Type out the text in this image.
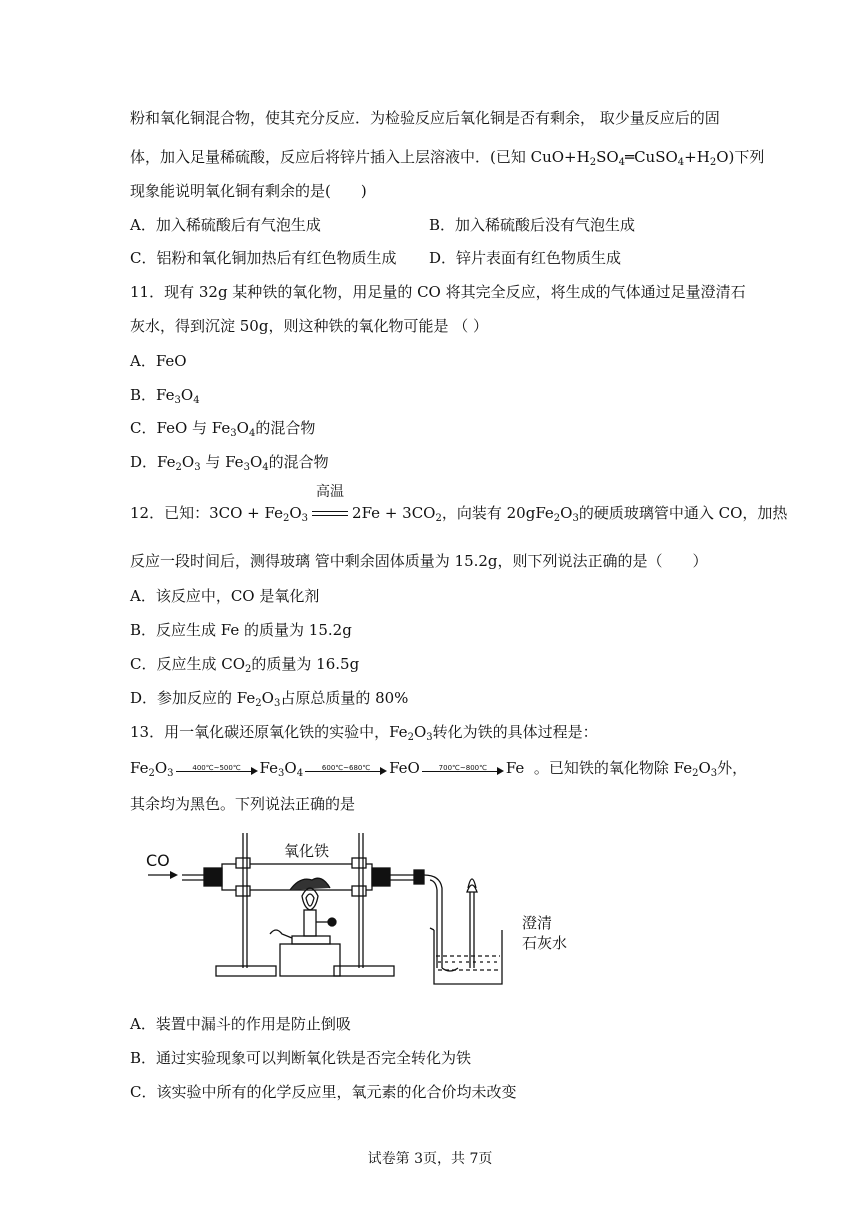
粉和氧化铜混合物，使其充分反应．为检验反应后氧化铜是否有剩余， 取少量反应后的固
体，加入足量稀硫酸，反应后将锌片插入上层溶液中．(已知 $CuO+H_2SO_4═CuSO_4+H_2O$)下列
现象能说明氧化铜有剩余的是(　　)
A．加入稀硫酸后有气泡生成	B．加入稀硫酸后没有气泡生成
C．铝粉和氧化铜加热后有红色物质生成 D．锌片表面有红色物质生成
11．现有 32g 某种铁的氧化物，用足量的 CO 将其完全反应，将生成的气体通过足量澄清石
灰水，得到沉淀 50g，则这种铁的氧化物可能是 （ ）
A．FeO
B．$Fe_3O_4$
C．FeO 与 $Fe_3O_4$的混合物
D．$Fe_2O_3$ 与 $Fe_3O_4$的混合物
12．已知：$3CO + Fe_2O_3$
高温
$2Fe + 3CO_2$，向装有 $20gFe_2O_3$的硬质玻璃管中通入 CO，加热
反应一段时间后，测得玻璃 管中剩余固体质量为 15.2g，则下列说法正确的是（　　）
A．该反应中，CO 是氧化剂
B．反应生成 Fe 的质量为 15.2g
C．反应生成 $CO_2$的质量为 16.5g
D．参加反应的 $Fe_2O_3$占原总质量的 80%
13．用一氧化碳还原氧化铁的实验中，$Fe_2O_3$转化为铁的具体过程是：
$Fe_2O_3$	400℃~500℃	$Fe_3O_4$	600℃~680℃	FeO	700℃~800℃	Fe 。已知铁的氧化物除 $Fe_2O_3$外，
其余均为黑色。下列说法正确的是
CO	氧化铁
澄清
石灰水
A．装置中漏斗的作用是防止倒吸
B．通过实验现象可以判断氧化铁是否完全转化为铁
C．该实验中所有的化学反应里，氧元素的化合价均未改变
试卷第 3页，共 7页
